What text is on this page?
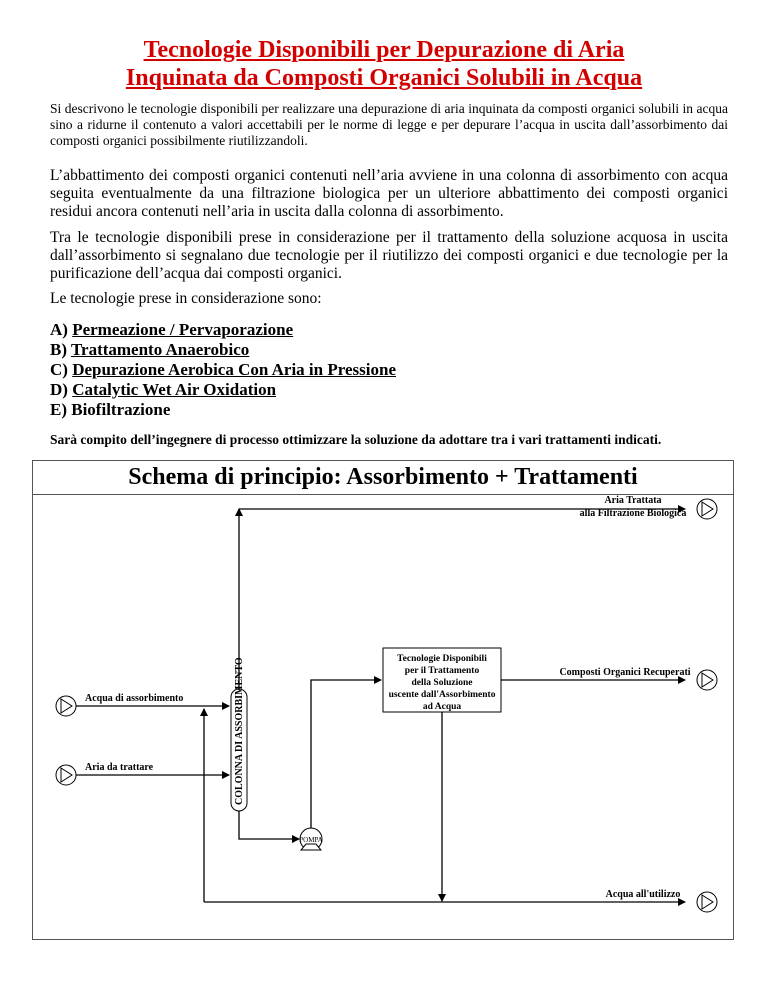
Tecnologie Disponibili per Depurazione di Aria
Inquinata da Composti Organici Solubili in Acqua

Si descrivono le tecnologie disponibili per realizzare una depurazione di aria inquinata da composti organici solubili in acqua sino a ridurne il contenuto a valori accettabili per le norme di legge e per depurare l’acqua in uscita dall’assorbimento dai composti organici possibilmente riutilizzandoli.

L’abbattimento dei composti organici contenuti nell’aria avviene in una colonna di assorbimento con acqua seguita eventualmente da una filtrazione biologica per un ulteriore abbattimento dei composti organici residui ancora contenuti nell’aria in uscita dalla colonna di assorbimento.

Tra le tecnologie disponibili prese in considerazione per il trattamento della soluzione acquosa in uscita dall’assorbimento si segnalano due tecnologie per il riutilizzo dei composti organici e due tecnologie per la purificazione dell’acqua dai composti organici.

Le tecnologie prese in considerazione sono:

A) Permeazione / Pervaporazione
B) Trattamento Anaerobico
C) Depurazione Aerobica Con Aria in Pressione
D) Catalytic Wet Air Oxidation
E) Biofiltrazione
Sarà compito dell’ingegnere di processo ottimizzare la soluzione da adottare tra i vari trattamenti indicati.
Schema di principio: Assorbimento + Trattamenti
COLONNA DI ASSORBIMENTO
Aria Trattata
alla Filtrazione Biologica
Tecnologie Disponibili
per il Trattamento
della Soluzione
uscente dall'Assorbimento
ad Acqua
Composti Organici Recuperati
Acqua di assorbimento
Aria da trattare
POMPA
Acqua all'utilizzo
